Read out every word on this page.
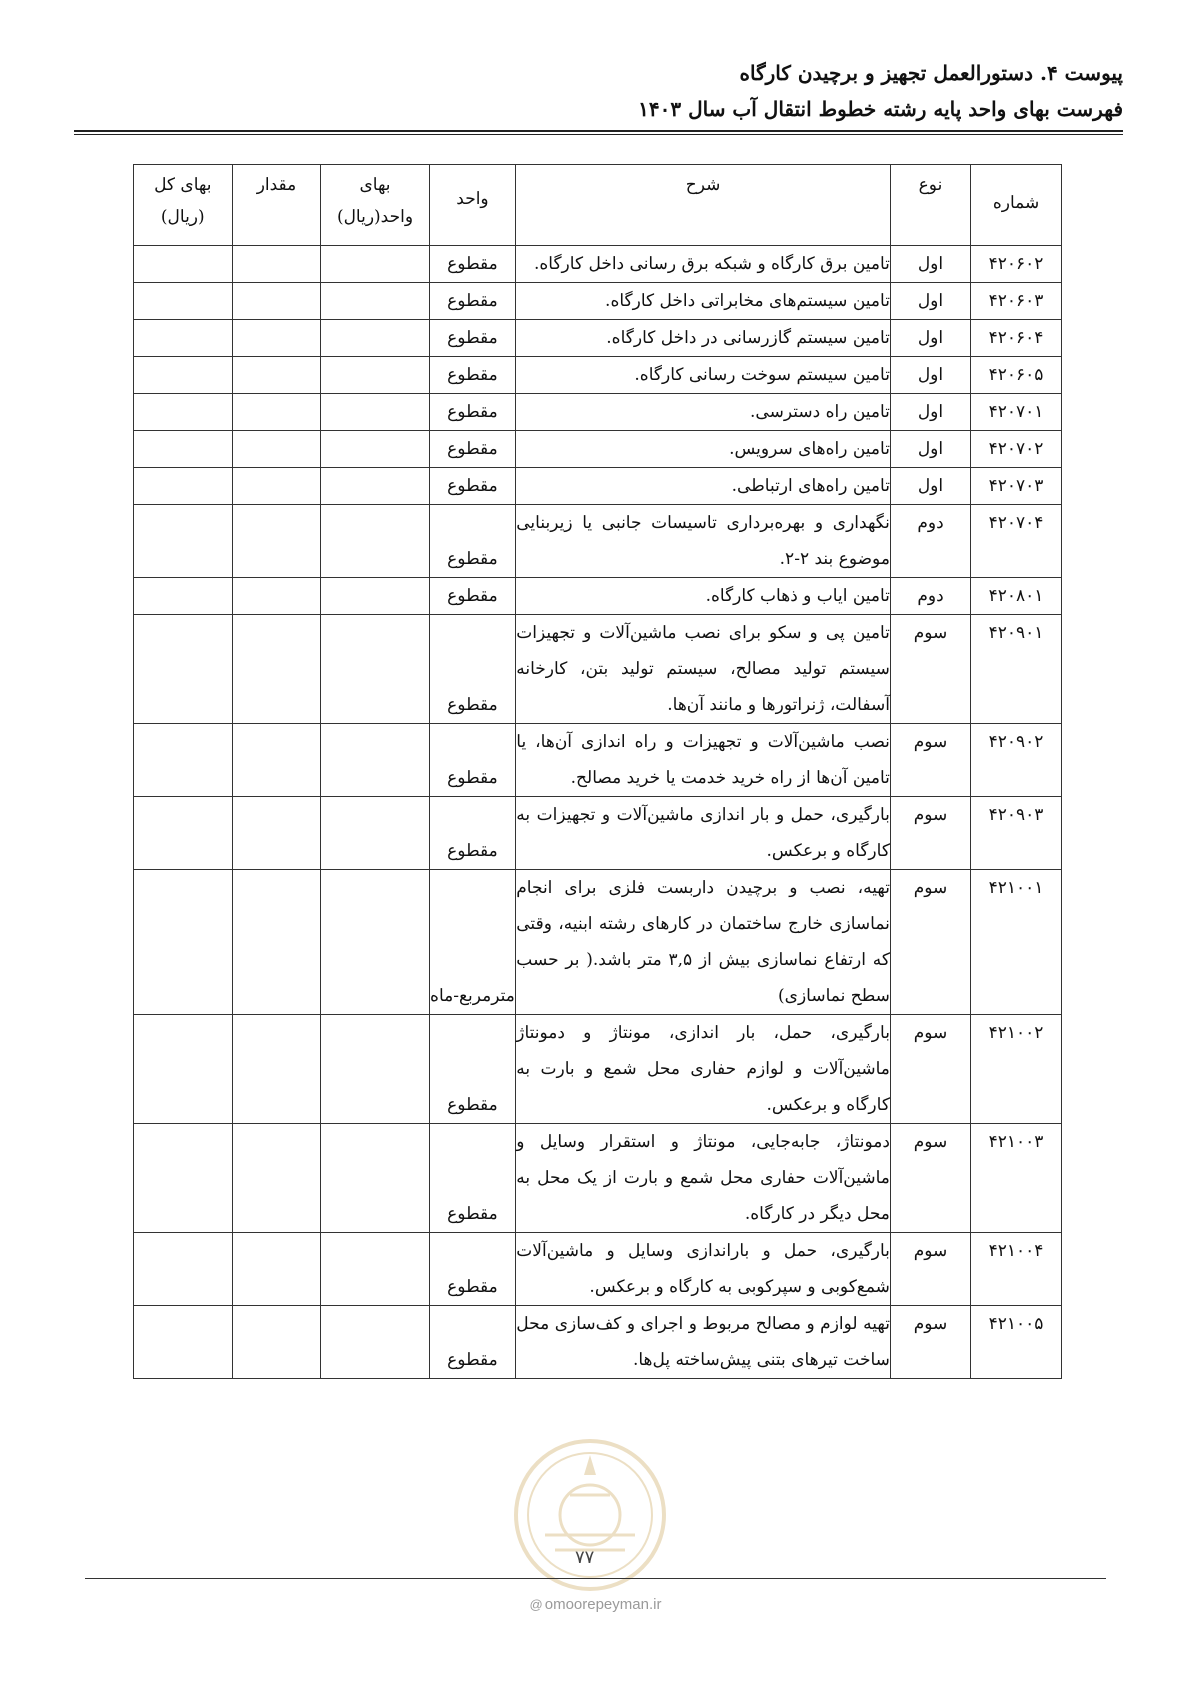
پیوست ۴. دستورالعمل تجهیز و برچیدن کارگاه
فهرست بهای واحد پایه رشته خطوط انتقال آب سال ۱۴۰۳
شماره	نوع	شرح	واحد	بهای واحد(ریال)	مقدار	بهای کل (ریال)
۴۲۰۶۰۲	اول	تامین برق کارگاه و شبکه برق رسانی داخل کارگاه.	مقطوع			
۴۲۰۶۰۳	اول	تامین سیستم‌های مخابراتی داخل کارگاه.	مقطوع			
۴۲۰۶۰۴	اول	تامین سیستم گازرسانی در داخل کارگاه.	مقطوع			
۴۲۰۶۰۵	اول	تامین سیستم سوخت رسانی کارگاه.	مقطوع			
۴۲۰۷۰۱	اول	تامین راه دسترسی.	مقطوع			
۴۲۰۷۰۲	اول	تامین راه‌های سرویس.	مقطوع			
۴۲۰۷۰۳	اول	تامین راه‌های ارتباطی.	مقطوع			
۴۲۰۷۰۴	دوم	نگهداری و بهره‌برداری تاسیسات جانبی یا زیربنایی موضوع بند ۲-۲.	مقطوع			
۴۲۰۸۰۱	دوم	تامین ایاب و ذهاب کارگاه.	مقطوع			
۴۲۰۹۰۱	سوم	تامین پی و سکو برای نصب ماشین‌آلات و تجهیزات سیستم تولید مصالح، سیستم تولید بتن، کارخانه آسفالت، ژنراتورها و مانند آن‌ها.	مقطوع			
۴۲۰۹۰۲	سوم	نصب ماشین‌آلات و تجهیزات و راه اندازی آن‌ها، یا تامین آن‌ها از راه خرید خدمت یا خرید مصالح.	مقطوع			
۴۲۰۹۰۳	سوم	بارگیری، حمل و بار اندازی ماشین‌آلات و تجهیزات به کارگاه و برعکس.	مقطوع			
۴۲۱۰۰۱	سوم	تهیه، نصب و برچیدن داربست فلزی برای انجام نماسازی خارج ساختمان در کارهای رشته ابنیه، وقتی که ارتفاع نماسازی بیش از ۳,۵ متر باشد.( بر حسب سطح نماسازی)	مترمربع-ماه			
۴۲۱۰۰۲	سوم	بارگیری، حمل، بار اندازی، مونتاژ و دمونتاژ ماشین‌آلات و لوازم حفاری محل شمع و بارت به کارگاه و برعکس.	مقطوع			
۴۲۱۰۰۳	سوم	دمونتاژ، جابه‌جایی، مونتاژ و استقرار وسایل و ماشین‌آلات حفاری محل شمع و بارت از یک محل به محل دیگر در کارگاه.	مقطوع			
۴۲۱۰۰۴	سوم	بارگیری، حمل و باراندازی وسایل و ماشین‌آلات شمع‌کوبی و سپرکوبی به کارگاه و برعکس.	مقطوع			
۴۲۱۰۰۵	سوم	تهیه لوازم و مصالح مربوط و اجرای و کف‌سازی محل ساخت تیرهای بتنی پیش‌ساخته پل‌ها.	مقطوع			
۷۷
@ omoorepeyman.ir
